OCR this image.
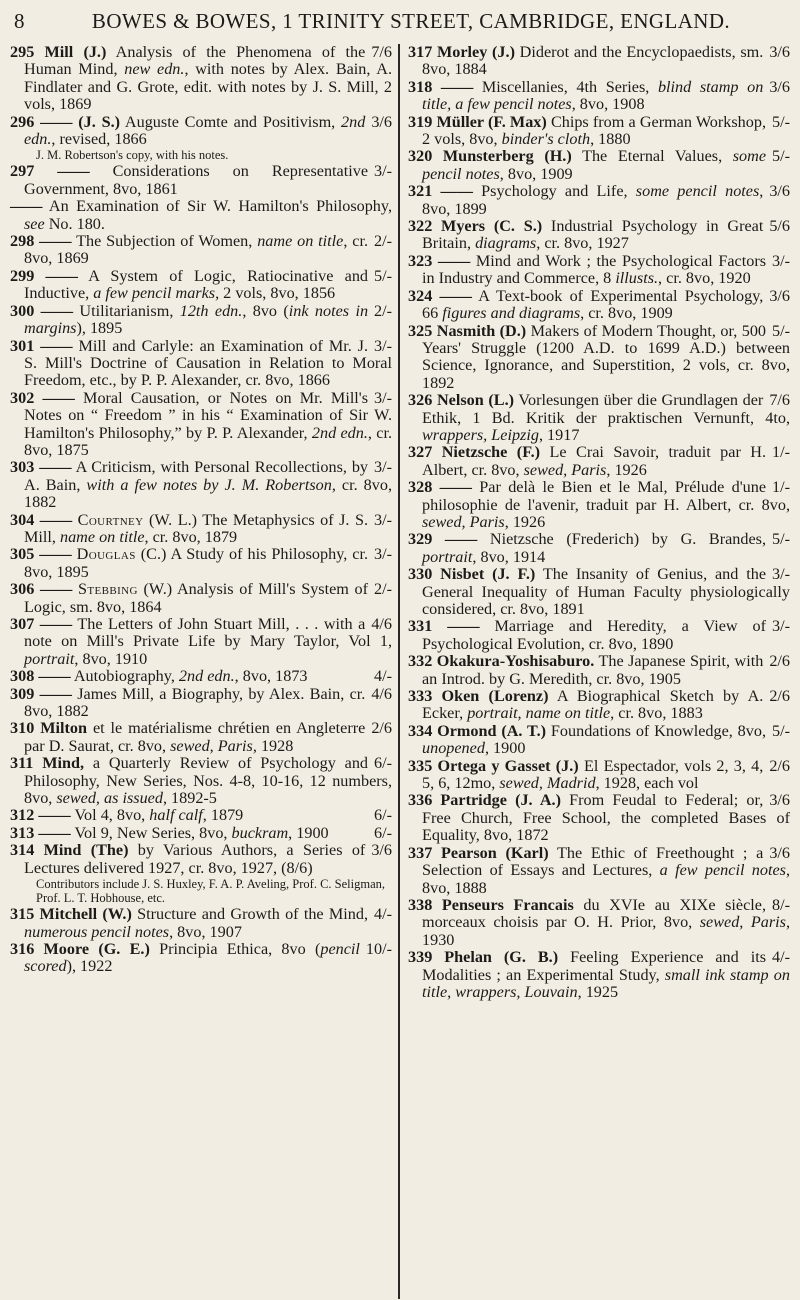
8	BOWES & BOWES, 1 TRINITY STREET, CAMBRIDGE, ENGLAND.
7/6
295 Mill (J.) Analysis of the Phenomena of the Human Mind, new edn., with notes by Alex. Bain, A. Findlater and G. Grote, edit. with notes by J. S. Mill, 2 vols, 1869
3/6
296 —— (J. S.) Auguste Comte and Positivism, 2nd edn., revised, 1866
J. M. Robertson's copy, with his notes.
3/-
297 —— Considerations on Representative Government, 8vo, 1861
—— An Examination of Sir W. Hamilton's Philosophy, see No. 180.
2/-
298 —— The Subjection of Women, name on title, cr. 8vo, 1869
5/-
299 —— A System of Logic, Ratiocinative and Inductive, a few pencil marks, 2 vols, 8vo, 1856
2/-
300 —— Utilitarianism, 12th edn., 8vo (ink notes in margins), 1895
3/-
301 —— Mill and Carlyle: an Examination of Mr. J. S. Mill's Doctrine of Causation in Relation to Moral Freedom, etc., by P. P. Alexander, cr. 8vo, 1866
3/-
302 —— Moral Causation, or Notes on Mr. Mill's Notes on “ Freedom ” in his “ Examination of Sir W. Hamilton's Philosophy,” by P. P. Alexander, 2nd edn., cr. 8vo, 1875
3/-
303 —— A Criticism, with Personal Recollections, by A. Bain, with a few notes by J. M. Robertson, cr. 8vo, 1882
3/-
304 —— Courtney (W. L.) The Metaphysics of J. S. Mill, name on title, cr. 8vo, 1879
3/-
305 —— Douglas (C.) A Study of his Philosophy, cr. 8vo, 1895
2/-
306 —— Stebbing (W.) Analysis of Mill's System of Logic, sm. 8vo, 1864
4/6
307 —— The Letters of John Stuart Mill, . . . with a note on Mill's Private Life by Mary Taylor, Vol 1, portrait, 8vo, 1910
4/-
308 —— Autobiography, 2nd edn., 8vo, 1873
4/6
309 —— James Mill, a Biography, by Alex. Bain, cr. 8vo, 1882
2/6
310 Milton et le matérialisme chrétien en Angleterre par D. Saurat, cr. 8vo, sewed, Paris, 1928
6/-
311 Mind, a Quarterly Review of Psychology and Philosophy, New Series, Nos. 4-8, 10-16, 12 numbers, 8vo, sewed, as issued, 1892-5
6/-
312 —— Vol 4, 8vo, half calf, 1879
6/-
313 —— Vol 9, New Series, 8vo, buckram, 1900
3/6
314 Mind (The) by Various Authors, a Series of Lectures delivered 1927, cr. 8vo, 1927, (8/6)
Contributors include J. S. Huxley, F. A. P. Aveling, Prof. C. Seligman, Prof. L. T. Hobhouse, etc.
4/-
315 Mitchell (W.) Structure and Growth of the Mind, numerous pencil notes, 8vo, 1907
10/-
316 Moore (G. E.) Principia Ethica, 8vo (pencil scored), 1922
3/6
317 Morley (J.) Diderot and the Encyclopaedists, sm. 8vo, 1884
3/6
318 —— Miscellanies, 4th Series, blind stamp on title, a few pencil notes, 8vo, 1908
5/-
319 Müller (F. Max) Chips from a German Workshop, 2 vols, 8vo, binder's cloth, 1880
5/-
320 Munsterberg (H.) The Eternal Values, some pencil notes, 8vo, 1909
3/6
321 —— Psychology and Life, some pencil notes, 8vo, 1899
5/6
322 Myers (C. S.) Industrial Psychology in Great Britain, diagrams, cr. 8vo, 1927
3/-
323 —— Mind and Work ; the Psychological Factors in Industry and Commerce, 8 illusts., cr. 8vo, 1920
3/6
324 —— A Text-book of Experimental Psychology, 66 figures and diagrams, cr. 8vo, 1909
5/-
325 Nasmith (D.) Makers of Modern Thought, or, 500 Years' Struggle (1200 A.D. to 1699 A.D.) between Science, Ignorance, and Superstition, 2 vols, cr. 8vo, 1892
7/6
326 Nelson (L.) Vorlesungen über die Grundlagen der Ethik, 1 Bd. Kritik der praktischen Vernunft, 4to, wrappers, Leipzig, 1917
1/-
327 Nietzsche (F.) Le Crai Savoir, traduit par H. Albert, cr. 8vo, sewed, Paris, 1926
1/-
328 —— Par delà le Bien et le Mal, Prélude d'une philosophie de l'avenir, traduit par H. Albert, cr. 8vo, sewed, Paris, 1926
5/-
329 —— Nietzsche (Frederich) by G. Brandes, portrait, 8vo, 1914
3/-
330 Nisbet (J. F.) The Insanity of Genius, and the General Inequality of Human Faculty physiologically considered, cr. 8vo, 1891
3/-
331 —— Marriage and Heredity, a View of Psychological Evolution, cr. 8vo, 1890
2/6
332 Okakura-Yoshisaburo. The Japanese Spirit, with an Introd. by G. Meredith, cr. 8vo, 1905
2/6
333 Oken (Lorenz) A Biographical Sketch by A. Ecker, portrait, name on title, cr. 8vo, 1883
5/-
334 Ormond (A. T.) Foundations of Knowledge, 8vo, unopened, 1900
2/6
335 Ortega y Gasset (J.) El Espectador, vols 2, 3, 4, 5, 6, 12mo, sewed, Madrid, 1928, each vol
3/6
336 Partridge (J. A.) From Feudal to Federal; or, Free Church, Free School, the completed Bases of Equality, 8vo, 1872
3/6
337 Pearson (Karl) The Ethic of Freethought ; a Selection of Essays and Lectures, a few pencil notes, 8vo, 1888
8/-
338 Penseurs Francais du XVIe au XIXe siècle, morceaux choisis par O. H. Prior, 8vo, sewed, Paris, 1930
4/-
339 Phelan (G. B.) Feeling Experience and its Modalities ; an Experimental Study, small ink stamp on title, wrappers, Louvain, 1925
